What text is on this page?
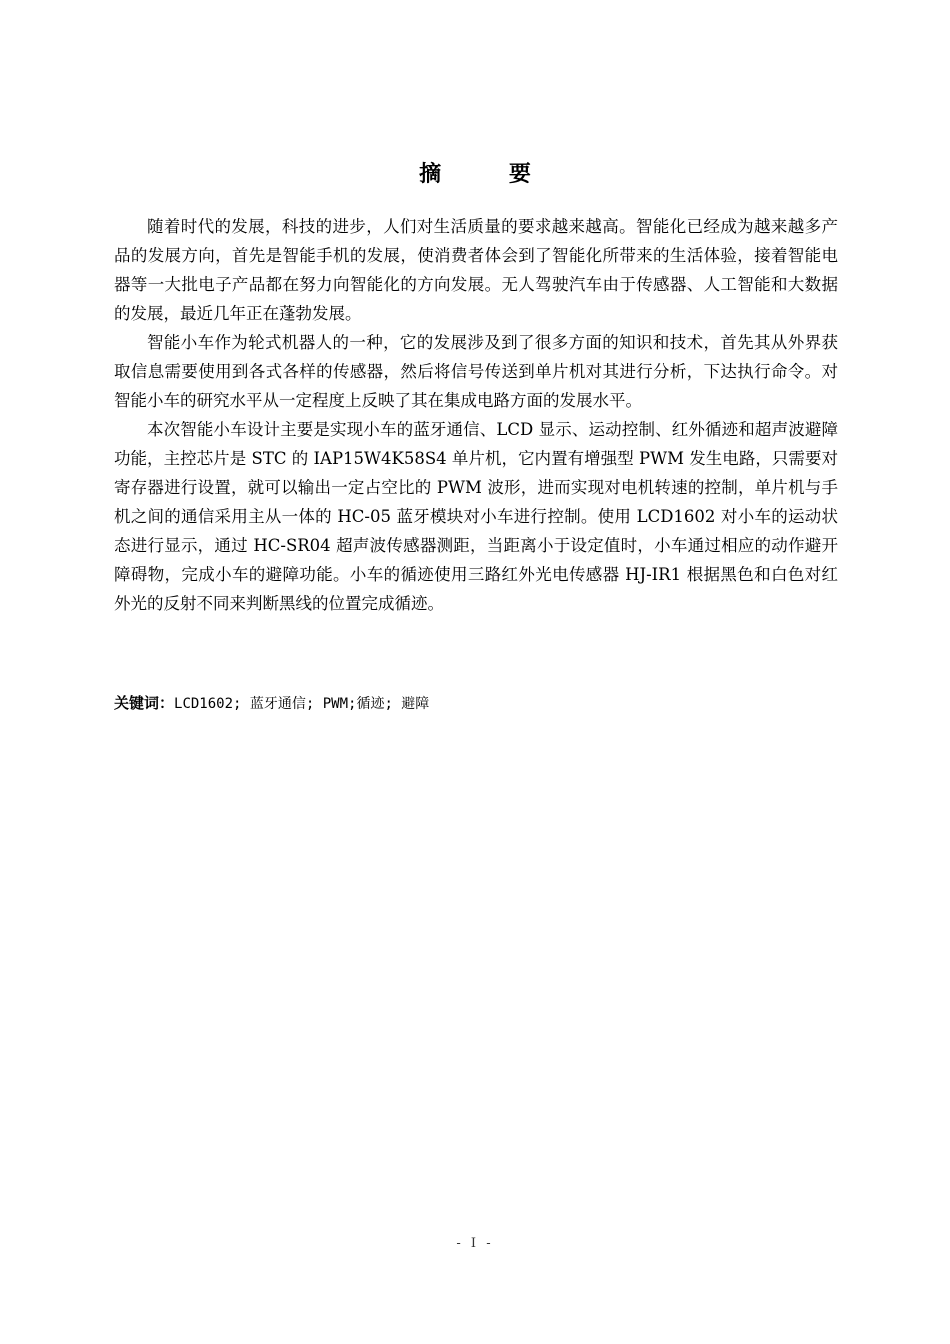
摘 要

随着时代的发展，科技的进步，人们对生活质量的要求越来越高。智能化已经成为越来越多产品的发展方向，首先是智能手机的发展，使消费者体会到了智能化所带来的生活体验，接着智能电器等一大批电子产品都在努力向智能化的方向发展。无人驾驶汽车由于传感器、人工智能和大数据的发展，最近几年正在蓬勃发展。

智能小车作为轮式机器人的一种，它的发展涉及到了很多方面的知识和技术，首先其从外界获取信息需要使用到各式各样的传感器，然后将信号传送到单片机对其进行分析，下达执行命令。对智能小车的研究水平从一定程度上反映了其在集成电路方面的发展水平。

本次智能小车设计主要是实现小车的蓝牙通信、LCD 显示、运动控制、红外循迹和超声波避障功能，主控芯片是 STC 的 IAP15W4K58S4 单片机，它内置有增强型 PWM 发生电路，只需要对寄存器进行设置，就可以输出一定占空比的 PWM 波形，进而实现对电机转速的控制，单片机与手机之间的通信采用主从一体的 HC-05 蓝牙模块对小车进行控制。使用 LCD1602 对小车的运动状态进行显示，通过 HC-SR04 超声波传感器测距，当距离小于设定值时，小车通过相应的动作避开障碍物，完成小车的避障功能。小车的循迹使用三路红外光电传感器 HJ-IR1 根据黑色和白色对红外光的反射不同来判断黑线的位置完成循迹。

关键词：LCD1602; 蓝牙通信; PWM;循迹; 避障
- I -
